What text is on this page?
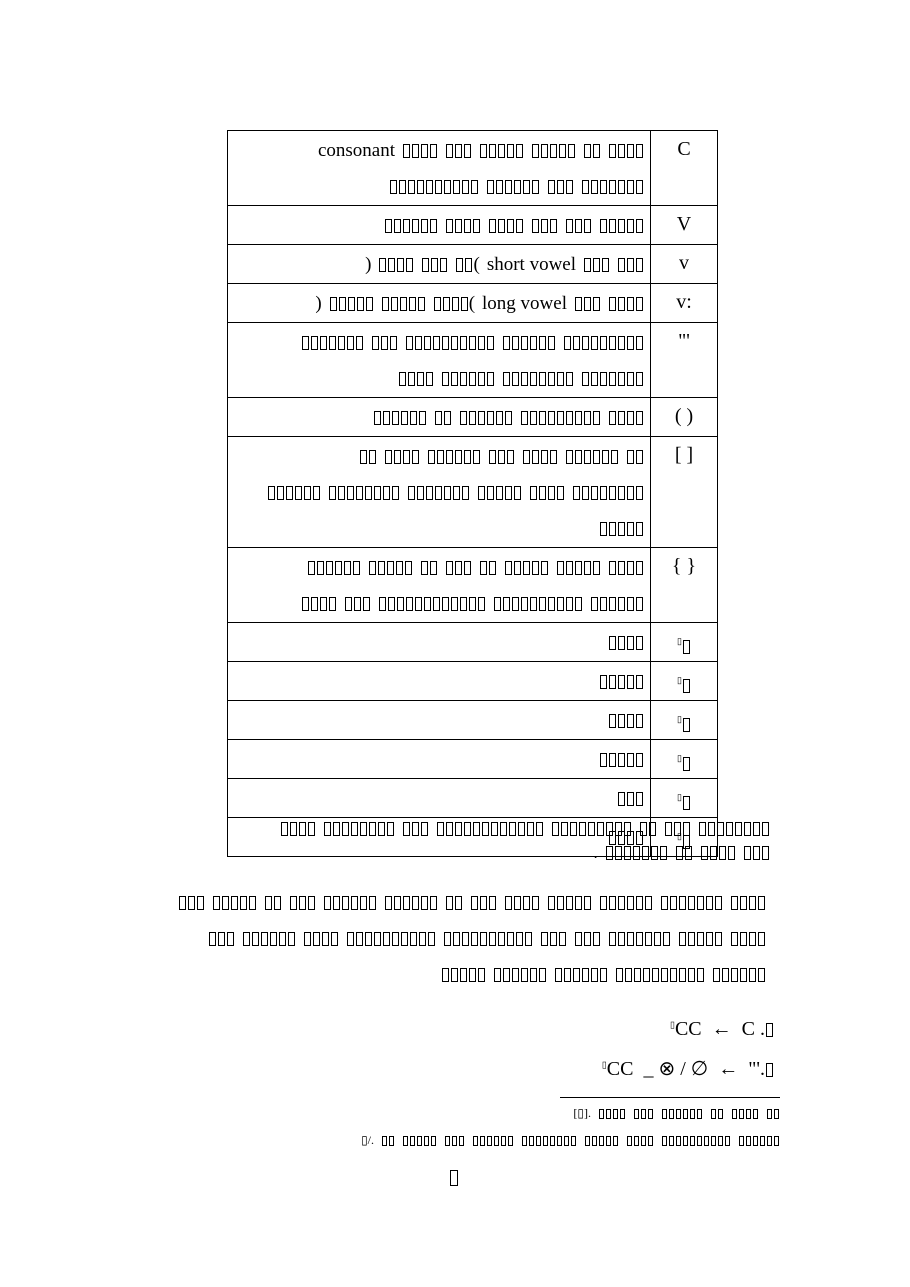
consonant	C

	V

short vowel)(	v

long vowel)(	v:

	"'

	( )

	[ ]

	{ }

	▯

	▯

	▯

	▯

	▯

	▯
.
▯CC ← C .
▯CC _ ⊗ / ∅ ← "'.
.[▯]
./▯
